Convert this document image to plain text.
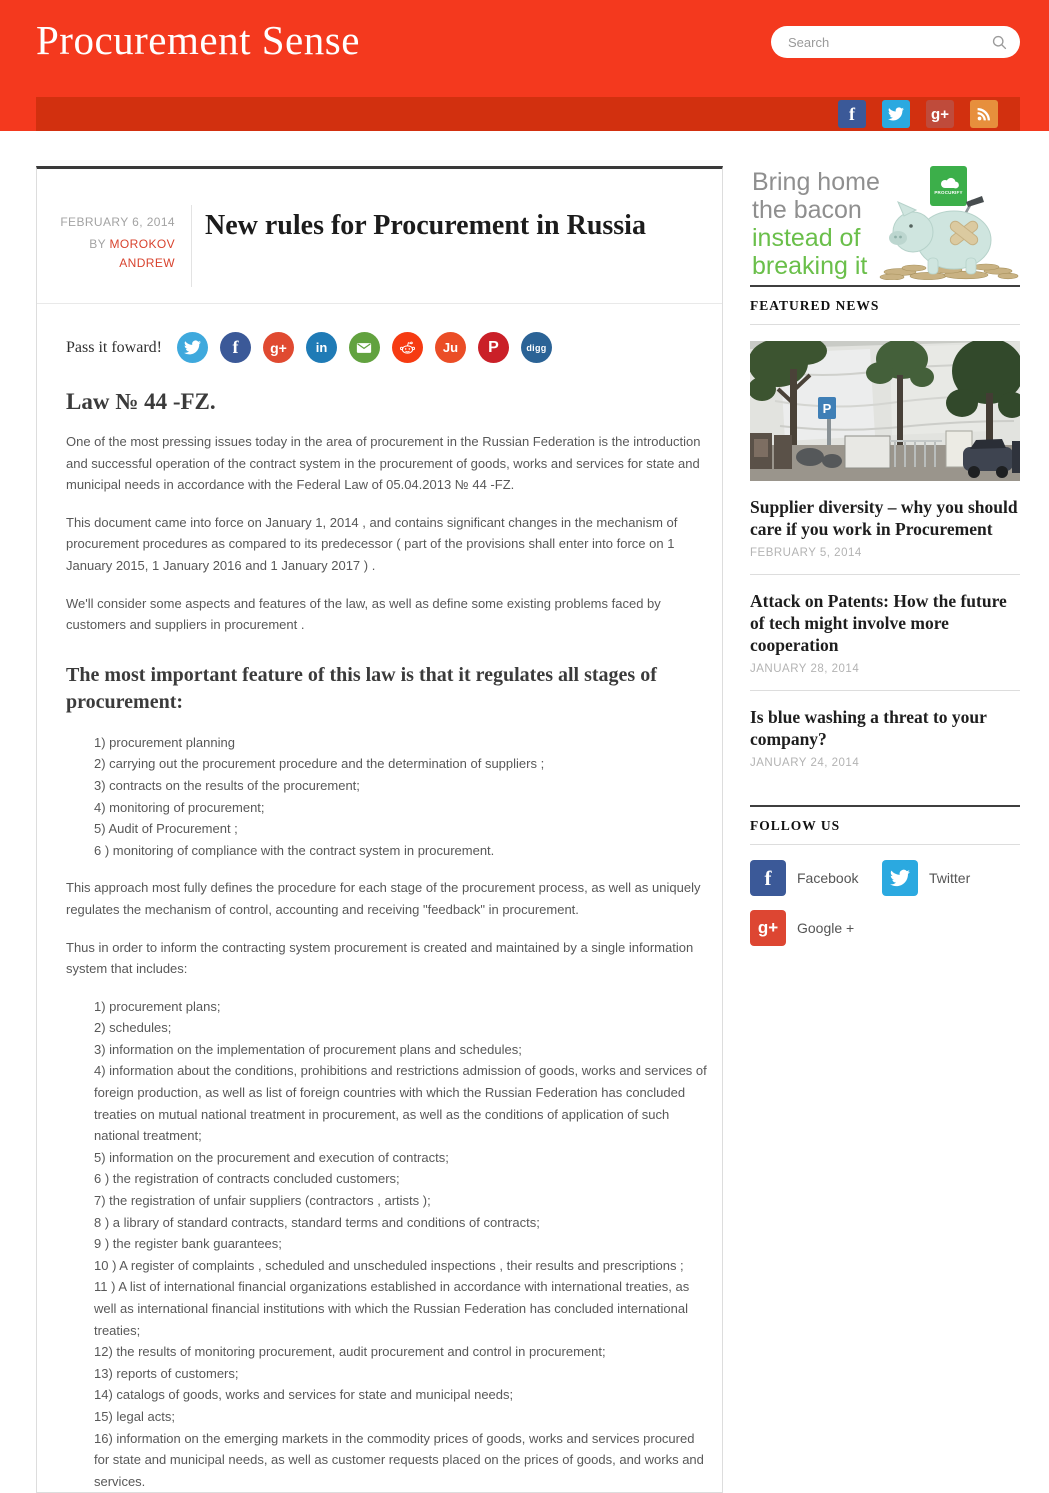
Procurement Sense
Search
f	g+
FEBRUARY 6, 2014
BY MOROKOV ANDREW
New rules for Procurement in Russia
Pass it foward!	f	g+	in	Ju	P	digg
Law № 44 -FZ.

One of the most pressing issues today in the area of procurement in the Russian Federation is the introduction and successful operation of the contract system in the procurement of goods, works and services for state and municipal needs in accordance with the Federal Law of 05.04.2013 № 44 -FZ.

This document came into force on January 1, 2014 , and contains significant changes in the mechanism of procurement procedures as compared to its predecessor ( part of the provisions shall enter into force on 1 January 2015, 1 January 2016 and 1 January 2017 ) .

We'll consider some aspects and features of the law, as well as define some existing problems faced by customers and suppliers in procurement .

The most important feature of this law is that it regulates all stages of procurement:
1) procurement planning
2) carrying out the procurement procedure and the determination of suppliers ;
3) contracts on the results of the procurement;
4) monitoring of procurement;
5) Audit of Procurement ;
6 ) monitoring of compliance with the contract system in procurement.

This approach most fully defines the procedure for each stage of the procurement process, as well as uniquely regulates the mechanism of control, accounting and receiving "feedback" in procurement.

Thus in order to inform the contracting system procurement is created and maintained by a single information system that includes:

1) procurement plans;
2) schedules;
3) information on the implementation of procurement plans and schedules;
4) information about the conditions, prohibitions and restrictions admission of goods, works and services of foreign production, as well as list of foreign countries with which the Russian Federation has concluded treaties on mutual national treatment in procurement, as well as the conditions of application of such national treatment;
5) information on the procurement and execution of contracts;
6 ) the registration of contracts concluded customers;
7) the registration of unfair suppliers (contractors , artists );
8 ) a library of standard contracts, standard terms and conditions of contracts;
9 ) the register bank guarantees;
10 ) A register of complaints , scheduled and unscheduled inspections , their results and prescriptions ;
11 ) A list of international financial organizations established in accordance with international treaties, as well as international financial institutions with which the Russian Federation has concluded international treaties;
12) the results of monitoring procurement, audit procurement and control in procurement;
13) reports of customers;
14) catalogs of goods, works and services for state and municipal needs;
15) legal acts;
16) information on the emerging markets in the commodity prices of goods, works and services procured for state and municipal needs, as well as customer requests placed on the prices of goods, and works and services.
Bring home
the bacon
instead of
breaking it
PROCURIFY
FEATURED NEWS
P
Supplier diversity – why you should care if you work in Procurement
FEBRUARY 5, 2014
Attack on Patents: How the future of tech might involve more cooperation
JANUARY 28, 2014
Is blue washing a threat to your company?
JANUARY 24, 2014
FOLLOW US
f	Facebook	Twitter
g+	Google +
